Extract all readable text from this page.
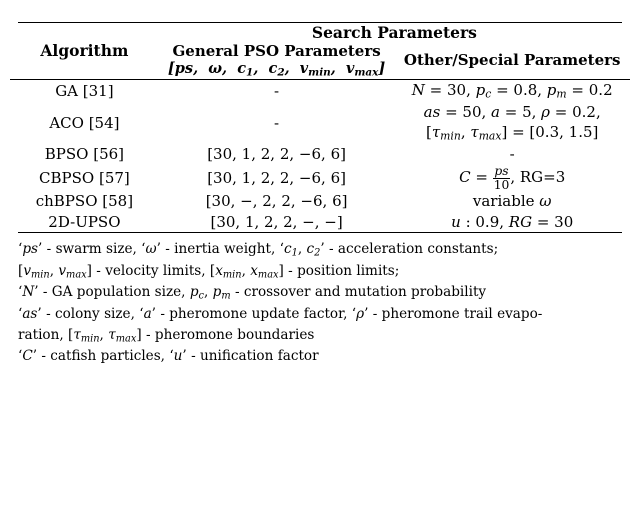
Algorithm	Search Parameters	
	General PSO Parameters	Other/Special Parameters
	[ps,  ω,  $c_1$,  $c_2$,  $v_{min}$,  $v_{max}$]	

GA [31]	-	N = 30, $p_c = 0.8$, $p_m = 0.2$
ACO [54]	-	as = 50, a = 5, ρ = 0.2,
[$\tau_{min}$, $\tau_{max}] = [0.3$, 1.5]
BPSO [56]	[30, 1, 2, 2, −6, 6]	-
CBPSO [57]	[30, 1, 2, 2, −6, 6]	$C = \frac{ps}{10}$ , RG=3
chBPSO [58]	[30, −, 2, 2, −6, 6]	variable ω
2D-UPSO	[30, 1, 2, 2, −, −]	u : 0.9, RG = 30
‘ps’ - swarm size, ‘ω’ - inertia weight, ‘$c_1$, $c_2$’ - acceleration constants;
[$v_{min}$, $v_{max}$] - velocity limits, [$x_{min}$, $x_{max}$] - position limits;
‘N’ - GA population size, $p_c$, $p_m$ - crossover and mutation probability
‘as’ - colony size, ‘a’ - pheromone update factor, ‘ρ’ - pheromone trail evapo-
ration, [$\tau_{min}$, $\tau_{max}$] - pheromone boundaries
‘C’ - catfish particles, ‘u’ - unification factor
